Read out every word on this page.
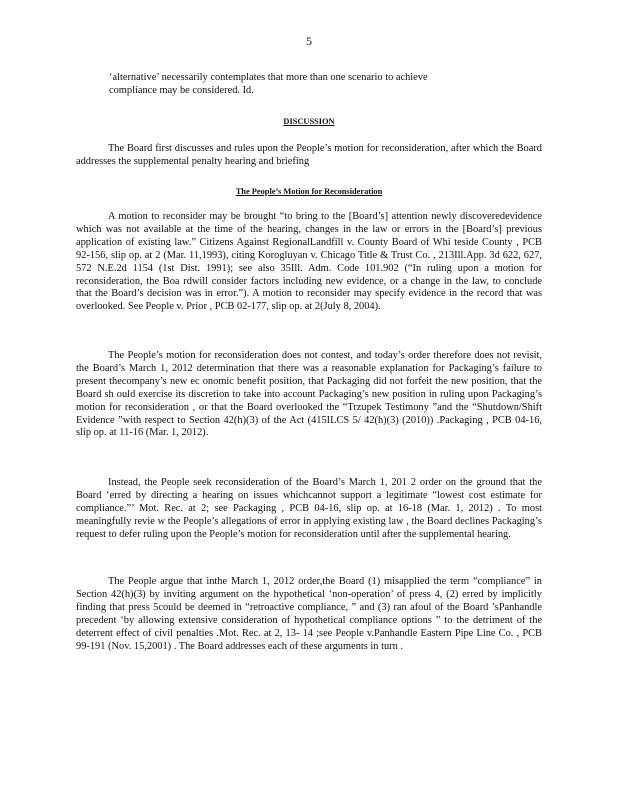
5

‘alternative’ necessarily contemplates that more than one scenario to achieve compliance may be considered. Id.

DISCUSSION

The Board first discusses and rules upon the People’s motion for reconsideration, after which the Board addresses the supplemental penalty hearing and briefing

The People’s Motion for Reconsideration

A motion to reconsider may be brought “to bring to the [Board’s] attention newly discoveredevidence which was not available at the time of the hearing, changes in the law or errors in the [Board’s] previous application of existing law.” Citizens Against RegionalLandfill v. County Board of Whi teside County , PCB 92-156, slip op. at 2 (Mar. 11,1993), citing Korogluyan v. Chicago Title & Trust Co. , 213Ill.App. 3d 622, 627, 572 N.E.2d 1154 (1st Dist. 1991); see also 35Ill. Adm. Code 101.902 (“In ruling upon a motion for reconsideration, the Boa rdwill consider factors including new evidence, or a change in the law, to conclude that the Board’s decision was in error.”). A motion to reconsider may specify evidence in the record that was overlooked. See People v. Prior , PCB 02-177, slip op. at 2(July 8, 2004).

The People’s motion for reconsideration does not contest, and today’s order therefore does not revisit, the Board’s March 1, 2012 determination that there was a reasonable explanation for Packaging’s failure to present thecompany’s new ec onomic benefit position, that Packaging did not forfeit the new position, that the Board sh ould exercise its discretion to take into account Packaging’s new position in ruling upon Packaging’s motion for reconsideration , or that the Board overlooked the “Trzupek Testimony ”and the “Shutdown/Shift Evidence ”with respect to Section 42(h)(3) of the Act (415ILCS 5/ 42(h)(3) (2010)) .Packaging , PCB 04-16, slip op. at 11-16 (Mar. 1, 2012).

Instead, the People seek reconsideration of the Board’s March 1, 201 2 order on the ground that the Board ‘erred by directing a hearing on issues whichcannot support a legitimate “lowest cost estimate for compliance.”’ Mot. Rec. at 2; see Packaging , PCB 04-16, slip op. at 16-18 (Mar. 1, 2012) . To most meaningfully revie w the People’s allegations of error in applying existing law , the Board declines Packaging’s request to defer ruling upon the People’s motion for reconsideration until after the supplemental hearing.

The People argue that inthe March 1, 2012 order,the Board (1) misapplied the term “compliance” in Section 42(h)(3) by inviting argument on the hypothetical ‘non-operation’ of press 4, (2) erred by implicitly finding that press 5could be deemed in “retroactive compliance, ” and (3) ran afoul of the Board ’sPanhandle precedent ‘by allowing extensive consideration of hypothetical compliance options ” to the detriment of the deterrent effect of civil penalties .Mot. Rec. at 2, 13- 14 ;see People v.Panhandle Eastern Pipe Line Co. , PCB 99-191 (Nov. 15,2001) . The Board addresses each of these arguments in turn .
